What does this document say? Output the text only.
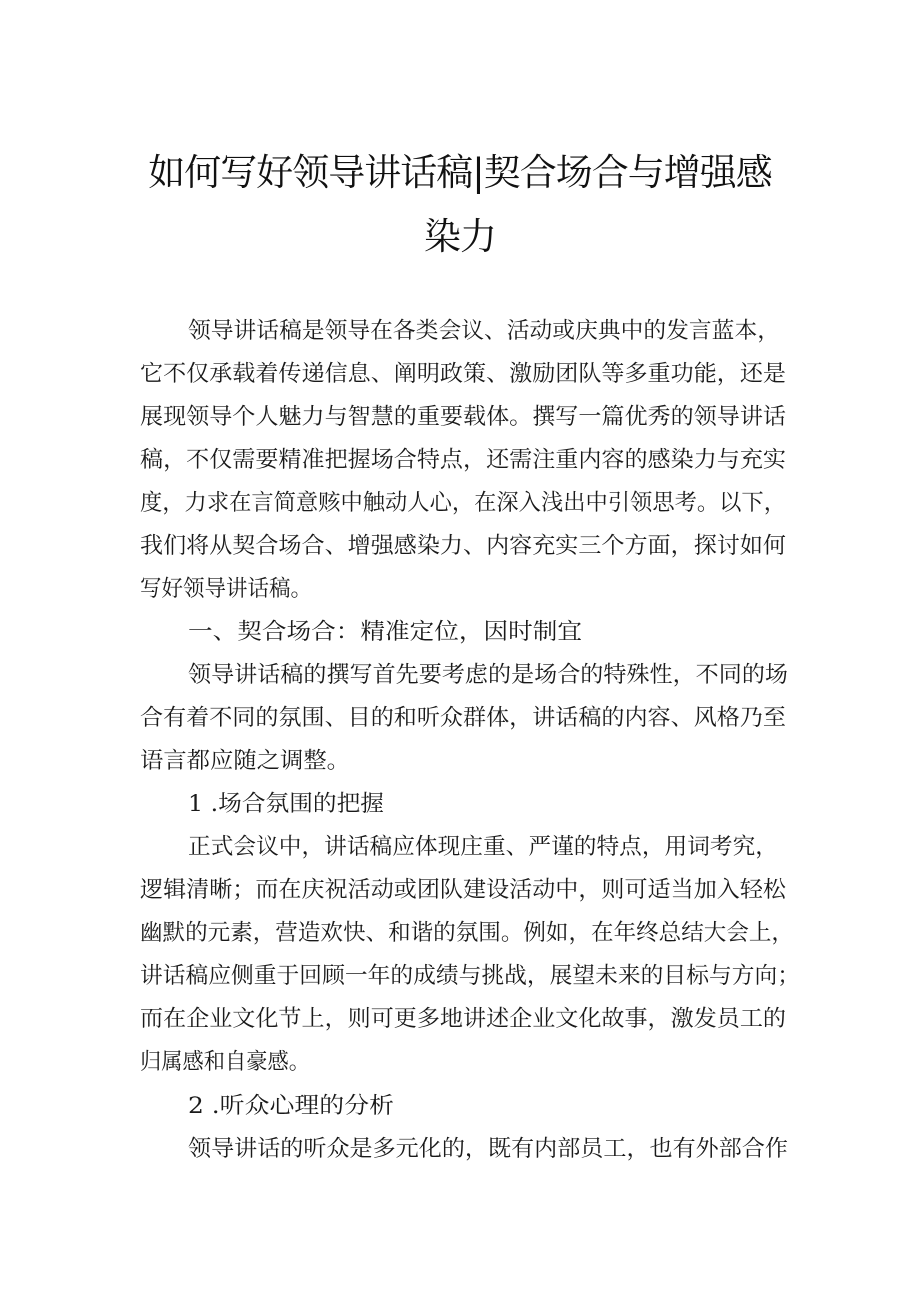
如何写好领导讲话稿|契合场合与增强感
染力
领导讲话稿是领导在各类会议、活动或庆典中的发言蓝本，
它不仅承载着传递信息、阐明政策、激励团队等多重功能，还是
展现领导个人魅力与智慧的重要载体。撰写一篇优秀的领导讲话
稿，不仅需要精准把握场合特点，还需注重内容的感染力与充实
度，力求在言简意赅中触动人心，在深入浅出中引领思考。以下，
我们将从契合场合、增强感染力、内容充实三个方面，探讨如何
写好领导讲话稿。
一、契合场合：精准定位，因时制宜
领导讲话稿的撰写首先要考虑的是场合的特殊性，不同的场
合有着不同的氛围、目的和听众群体，讲话稿的内容、风格乃至
语言都应随之调整。
1 .场合氛围的把握
正式会议中，讲话稿应体现庄重、严谨的特点，用词考究，
逻辑清晰；而在庆祝活动或团队建设活动中，则可适当加入轻松
幽默的元素，营造欢快、和谐的氛围。例如，在年终总结大会上，
讲话稿应侧重于回顾一年的成绩与挑战，展望未来的目标与方向；
而在企业文化节上，则可更多地讲述企业文化故事，激发员工的
归属感和自豪感。
2 .听众心理的分析
领导讲话的听众是多元化的，既有内部员工，也有外部合作
